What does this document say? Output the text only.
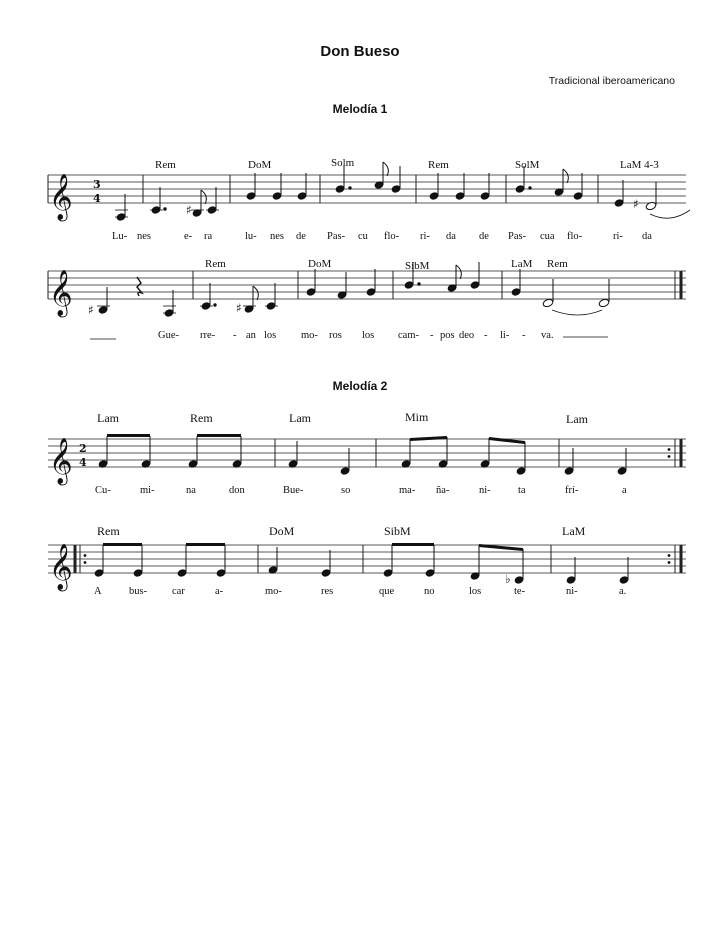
Don Bueso
Tradicional iberoamericano
Melodía 1
𝄞 3
4
Rem	DoM	Solm	Rem	SolM	LaM 4-3
♯	♯
Lu- nes	e- ra	lu- nes de Pas- cu flo- ri- da de Pas- cua flo-	ri- da
𝄞
Rem	DoM	SibM	LaM Rem
♯	♯
Gue- rre- - an los mo- ros los cam- - pos deo - li- - va.
Melodía 2
𝄞 2
4
Lam	Rem	Lam	Mim	Lam
Cu-	mi-	na	don	Bue-	so	ma- ña-	ni-	ta	frí-	a
𝄞
Rem	DoM	SibM	LaM
♭
A	bus- car	a-	mo-	res	que	no	los	te-	ni-	a.
